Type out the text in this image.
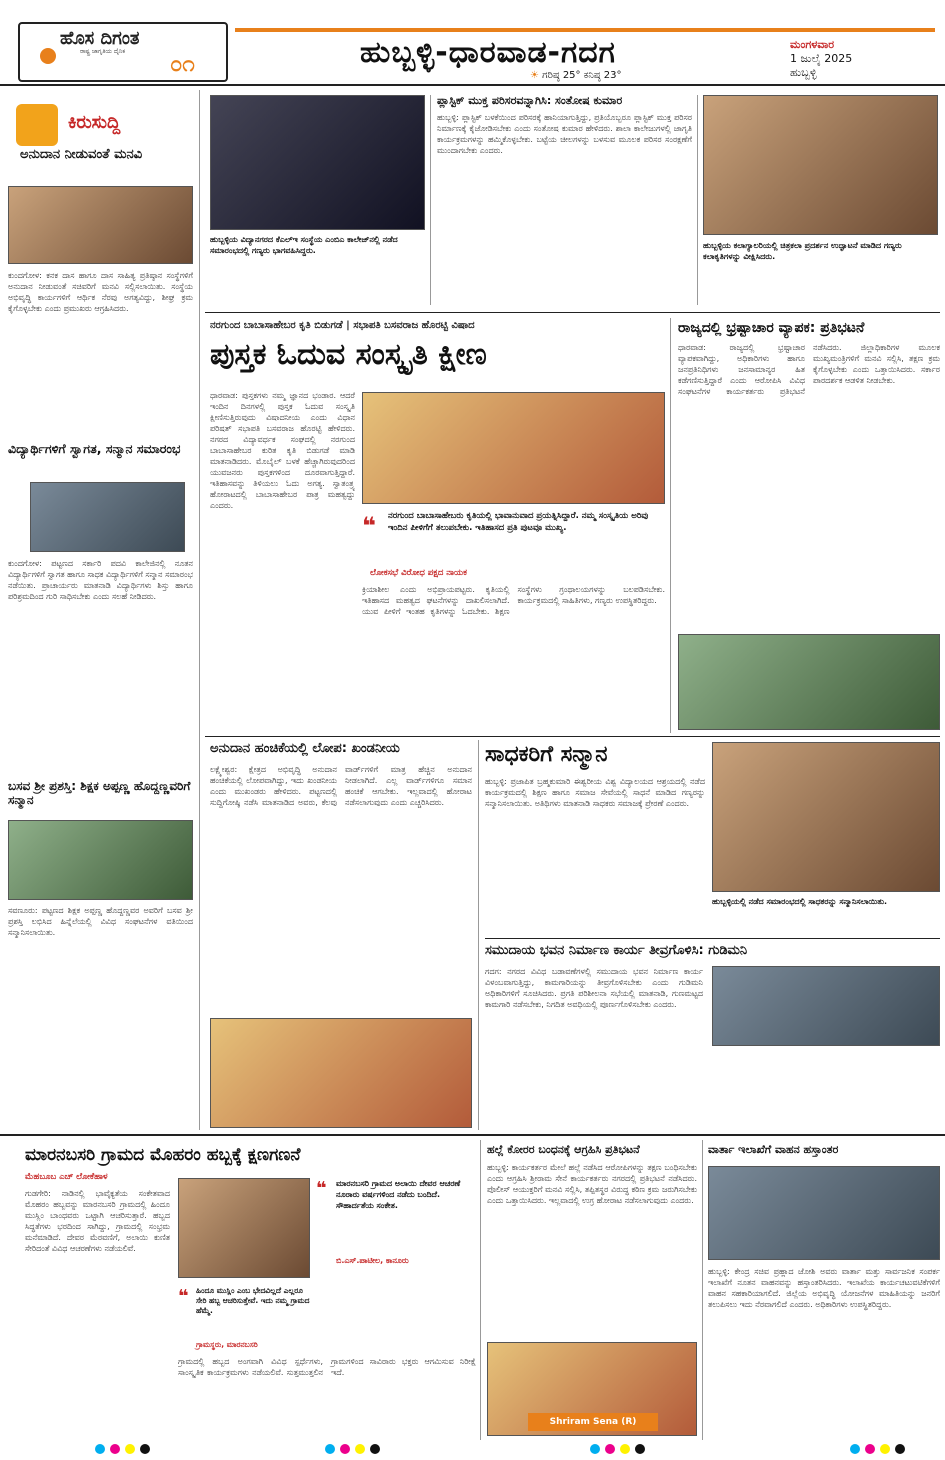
ಹೊಸ ದಿಗಂತ
ರಾಷ್ಟ್ರ ಜಾಗೃತಿಯ ದೈನಿಕ
೦೧	ಹುಬ್ಬಳ್ಳಿ-ಧಾರವಾಡ-ಗದಗ
☀ ಗರಿಷ್ಠ 25° ಕನಿಷ್ಠ 23°
ಮಂಗಳವಾರ
1 ಜುಲೈ 2025
ಹುಬ್ಬಳ್ಳಿ
ಕಿರುಸುದ್ದಿ
ಅನುದಾನ ನೀಡುವಂತೆ ಮನವಿ
ಕುಂದಗೋಳ: ಕನಕ ದಾಸ ಹಾಗೂ ದಾಸ ಸಾಹಿತ್ಯ ಪ್ರತಿಷ್ಠಾನ ಸಂಸ್ಥೆಗಳಿಗೆ ಅನುದಾನ ನೀಡುವಂತೆ ಸಚಿವರಿಗೆ ಮನವಿ ಸಲ್ಲಿಸಲಾಯಿತು. ಸಂಸ್ಥೆಯ ಅಭಿವೃದ್ಧಿ ಕಾರ್ಯಗಳಿಗೆ ಆರ್ಥಿಕ ನೆರವು ಅಗತ್ಯವಿದ್ದು, ಶೀಘ್ರ ಕ್ರಮ ಕೈಗೊಳ್ಳಬೇಕು ಎಂದು ಪ್ರಮುಖರು ಆಗ್ರಹಿಸಿದರು.
ವಿದ್ಯಾರ್ಥಿಗಳಿಗೆ ಸ್ವಾಗತ, ಸನ್ಮಾನ ಸಮಾರಂಭ
ಕುಂದಗೋಳ: ಪಟ್ಟಣದ ಸರ್ಕಾರಿ ಪದವಿ ಕಾಲೇಜಿನಲ್ಲಿ ನೂತನ ವಿದ್ಯಾರ್ಥಿಗಳಿಗೆ ಸ್ವಾಗತ ಹಾಗೂ ಸಾಧಕ ವಿದ್ಯಾರ್ಥಿಗಳಿಗೆ ಸನ್ಮಾನ ಸಮಾರಂಭ ನಡೆಯಿತು. ಪ್ರಾಚಾರ್ಯರು ಮಾತನಾಡಿ ವಿದ್ಯಾರ್ಥಿಗಳು ಶಿಸ್ತು ಹಾಗೂ ಪರಿಶ್ರಮದಿಂದ ಗುರಿ ಸಾಧಿಸಬೇಕು ಎಂದು ಸಲಹೆ ನೀಡಿದರು.
ಬಸವ ಶ್ರೀ ಪ್ರಶಸ್ತಿ: ಶಿಕ್ಷಕ ಅಪ್ಪಣ್ಣ ಹೊದ್ದಣ್ಣವರಿಗೆ ಸನ್ಮಾನ
ಸವಣೂರು: ಪಟ್ಟಣದ ಶಿಕ್ಷಕ ಅಪ್ಪಣ್ಣ ಹೊದ್ದಣ್ಣವರ ಅವರಿಗೆ ಬಸವ ಶ್ರೀ ಪ್ರಶಸ್ತಿ ಲಭಿಸಿದ ಹಿನ್ನೆಲೆಯಲ್ಲಿ ವಿವಿಧ ಸಂಘಟನೆಗಳ ವತಿಯಿಂದ ಸನ್ಮಾನಿಸಲಾಯಿತು.
ಹುಬ್ಬಳ್ಳಿಯ ವಿದ್ಯಾನಗರದ ಕೆಎಲ್ಇ ಸಂಸ್ಥೆಯ ಎಂಬಿಎ ಕಾಲೇಜ್‌ನಲ್ಲಿ ನಡೆದ ಸಮಾರಂಭದಲ್ಲಿ ಗಣ್ಯರು ಭಾಗವಹಿಸಿದ್ದರು.
ಪ್ಲಾಸ್ಟಿಕ್ ಮುಕ್ತ ಪರಿಸರವನ್ನಾಗಿಸಿ: ಸಂತೋಷ ಕುಮಾರ
ಹುಬ್ಬಳ್ಳಿ: ಪ್ಲಾಸ್ಟಿಕ್ ಬಳಕೆಯಿಂದ ಪರಿಸರಕ್ಕೆ ಹಾನಿಯಾಗುತ್ತಿದ್ದು, ಪ್ರತಿಯೊಬ್ಬರೂ ಪ್ಲಾಸ್ಟಿಕ್ ಮುಕ್ತ ಪರಿಸರ ನಿರ್ಮಾಣಕ್ಕೆ ಕೈಜೋಡಿಸಬೇಕು ಎಂದು ಸಂತೋಷ ಕುಮಾರ ಹೇಳಿದರು. ಶಾಲಾ ಕಾಲೇಜುಗಳಲ್ಲಿ ಜಾಗೃತಿ ಕಾರ್ಯಕ್ರಮಗಳನ್ನು ಹಮ್ಮಿಕೊಳ್ಳಬೇಕು. ಬಟ್ಟೆಯ ಚೀಲಗಳನ್ನು ಬಳಸುವ ಮೂಲಕ ಪರಿಸರ ಸಂರಕ್ಷಣೆಗೆ ಮುಂದಾಗಬೇಕು ಎಂದರು.
ಹುಬ್ಬಳ್ಳಿಯ ಕಲಾಗ್ಯಾಲರಿಯಲ್ಲಿ ಚಿತ್ರಕಲಾ ಪ್ರದರ್ಶನ ಉದ್ಘಾಟನೆ ಮಾಡಿದ ಗಣ್ಯರು ಕಲಾಕೃತಿಗಳನ್ನು ವೀಕ್ಷಿಸಿದರು.
ನರಗುಂದ ಬಾಬಾಸಾಹೇಬರ ಕೃತಿ ಬಿಡುಗಡೆ | ಸಭಾಪತಿ ಬಸವರಾಜ ಹೊರಟ್ಟಿ ವಿಷಾದ
ಪುಸ್ತಕ ಓದುವ ಸಂಸ್ಕೃತಿ ಕ್ಷೀಣ
ಧಾರವಾಡ: ಪುಸ್ತಕಗಳು ನಮ್ಮ ಜ್ಞಾನದ ಭಂಡಾರ. ಆದರೆ ಇಂದಿನ ದಿನಗಳಲ್ಲಿ ಪುಸ್ತಕ ಓದುವ ಸಂಸ್ಕೃತಿ ಕ್ಷೀಣಿಸುತ್ತಿರುವುದು ವಿಷಾದನೀಯ ಎಂದು ವಿಧಾನ ಪರಿಷತ್ ಸಭಾಪತಿ ಬಸವರಾಜ ಹೊರಟ್ಟಿ ಹೇಳಿದರು. ನಗರದ ವಿದ್ಯಾವರ್ಧಕ ಸಂಘದಲ್ಲಿ ನರಗುಂದ ಬಾಬಾಸಾಹೇಬರ ಕುರಿತ ಕೃತಿ ಬಿಡುಗಡೆ ಮಾಡಿ ಮಾತನಾಡಿದರು. ಮೊಬೈಲ್ ಬಳಕೆ ಹೆಚ್ಚಾಗಿರುವುದರಿಂದ ಯುವಜನರು ಪುಸ್ತಕಗಳಿಂದ ದೂರವಾಗುತ್ತಿದ್ದಾರೆ. ಇತಿಹಾಸವನ್ನು ತಿಳಿಯಲು ಓದು ಅಗತ್ಯ. ಸ್ವಾತಂತ್ರ್ಯ ಹೋರಾಟದಲ್ಲಿ ಬಾಬಾಸಾಹೇಬರ ಪಾತ್ರ ಮಹತ್ವದ್ದು ಎಂದರು.
❝ ನರಗುಂದ ಬಾಬಾಸಾಹೇಬರು ಕೃತಿಯಲ್ಲಿ ಭಾವಾನುವಾದ ಪ್ರಯತ್ನಿಸಿದ್ದಾರೆ. ನಮ್ಮ ಸಂಸ್ಕೃತಿಯ ಅರಿವು ಇಂದಿನ ಪೀಳಿಗೆಗೆ ತಲುಪಬೇಕು. ಇತಿಹಾಸದ ಪ್ರತಿ ಪುಟವೂ ಮುಖ್ಯ.
ಲೋಕಸಭೆ ವಿರೋಧ ಪಕ್ಷದ ನಾಯಕ
ಕ್ರಿಯಾಶೀಲ ಎಂದು ಅಭಿಪ್ರಾಯಪಟ್ಟರು. ಕೃತಿಯಲ್ಲಿ ಇತಿಹಾಸದ ಮಹತ್ವದ ಘಟನೆಗಳನ್ನು ದಾಖಲಿಸಲಾಗಿದೆ. ಯುವ ಪೀಳಿಗೆ ಇಂತಹ ಕೃತಿಗಳನ್ನು ಓದಬೇಕು. ಶಿಕ್ಷಣ ಸಂಸ್ಥೆಗಳು ಗ್ರಂಥಾಲಯಗಳನ್ನು ಬಲಪಡಿಸಬೇಕು. ಕಾರ್ಯಕ್ರಮದಲ್ಲಿ ಸಾಹಿತಿಗಳು, ಗಣ್ಯರು ಉಪಸ್ಥಿತರಿದ್ದರು.
ರಾಜ್ಯದಲ್ಲಿ ಭ್ರಷ್ಟಾಚಾರ ವ್ಯಾಪಕ: ಪ್ರತಿಭಟನೆ
ಧಾರವಾಡ: ರಾಜ್ಯದಲ್ಲಿ ಭ್ರಷ್ಟಾಚಾರ ವ್ಯಾಪಕವಾಗಿದ್ದು, ಅಧಿಕಾರಿಗಳು ಹಾಗೂ ಜನಪ್ರತಿನಿಧಿಗಳು ಜನಸಾಮಾನ್ಯರ ಹಿತ ಕಡೆಗಣಿಸುತ್ತಿದ್ದಾರೆ ಎಂದು ಆರೋಪಿಸಿ ವಿವಿಧ ಸಂಘಟನೆಗಳ ಕಾರ್ಯಕರ್ತರು ಪ್ರತಿಭಟನೆ ನಡೆಸಿದರು. ಜಿಲ್ಲಾಧಿಕಾರಿಗಳ ಮೂಲಕ ಮುಖ್ಯಮಂತ್ರಿಗಳಿಗೆ ಮನವಿ ಸಲ್ಲಿಸಿ, ತಕ್ಷಣ ಕ್ರಮ ಕೈಗೊಳ್ಳಬೇಕು ಎಂದು ಒತ್ತಾಯಿಸಿದರು. ಸರ್ಕಾರ ಪಾರದರ್ಶಕ ಆಡಳಿತ ನೀಡಬೇಕು.
ಅನುದಾನ ಹಂಚಿಕೆಯಲ್ಲಿ ಲೋಪ: ಖಂಡನೀಯ
ಲಕ್ಷ್ಮೇಶ್ವರ: ಕ್ಷೇತ್ರದ ಅಭಿವೃದ್ಧಿ ಅನುದಾನ ಹಂಚಿಕೆಯಲ್ಲಿ ಲೋಪವಾಗಿದ್ದು, ಇದು ಖಂಡನೀಯ ಎಂದು ಮುಖಂಡರು ಹೇಳಿದರು. ಪಟ್ಟಣದಲ್ಲಿ ಸುದ್ದಿಗೋಷ್ಠಿ ನಡೆಸಿ ಮಾತನಾಡಿದ ಅವರು, ಕೆಲವು ವಾರ್ಡ್‌ಗಳಿಗೆ ಮಾತ್ರ ಹೆಚ್ಚಿನ ಅನುದಾನ ನೀಡಲಾಗಿದೆ. ಎಲ್ಲ ವಾರ್ಡ್‌ಗಳಿಗೂ ಸಮಾನ ಹಂಚಿಕೆ ಆಗಬೇಕು. ಇಲ್ಲವಾದಲ್ಲಿ ಹೋರಾಟ ನಡೆಸಲಾಗುವುದು ಎಂದು ಎಚ್ಚರಿಸಿದರು.
ಸಾಧಕರಿಗೆ ಸನ್ಮಾನ
ಹುಬ್ಬಳ್ಳಿ: ಪ್ರಜಾಪಿತ ಬ್ರಹ್ಮಕುಮಾರಿ ಈಶ್ವರೀಯ ವಿಶ್ವ ವಿದ್ಯಾಲಯದ ಆಶ್ರಯದಲ್ಲಿ ನಡೆದ ಕಾರ್ಯಕ್ರಮದಲ್ಲಿ ಶಿಕ್ಷಣ ಹಾಗೂ ಸಮಾಜ ಸೇವೆಯಲ್ಲಿ ಸಾಧನೆ ಮಾಡಿದ ಗಣ್ಯರನ್ನು ಸನ್ಮಾನಿಸಲಾಯಿತು. ಅತಿಥಿಗಳು ಮಾತನಾಡಿ ಸಾಧಕರು ಸಮಾಜಕ್ಕೆ ಪ್ರೇರಣೆ ಎಂದರು.
ಹುಬ್ಬಳ್ಳಿಯಲ್ಲಿ ನಡೆದ ಸಮಾರಂಭದಲ್ಲಿ ಸಾಧಕರನ್ನು ಸನ್ಮಾನಿಸಲಾಯಿತು.
ಸಮುದಾಯ ಭವನ ನಿರ್ಮಾಣ ಕಾರ್ಯ ತೀವ್ರಗೊಳಿಸಿ: ಗುಡಿಮನಿ
ಗದಗ: ನಗರದ ವಿವಿಧ ಬಡಾವಣೆಗಳಲ್ಲಿ ಸಮುದಾಯ ಭವನ ನಿರ್ಮಾಣ ಕಾರ್ಯ ವಿಳಂಬವಾಗುತ್ತಿದ್ದು, ಕಾಮಗಾರಿಯನ್ನು ತೀವ್ರಗೊಳಿಸಬೇಕು ಎಂದು ಗುಡಿಮನಿ ಅಧಿಕಾರಿಗಳಿಗೆ ಸೂಚಿಸಿದರು. ಪ್ರಗತಿ ಪರಿಶೀಲನಾ ಸಭೆಯಲ್ಲಿ ಮಾತನಾಡಿ, ಗುಣಮಟ್ಟದ ಕಾಮಗಾರಿ ನಡೆಸಬೇಕು, ನಿಗದಿತ ಅವಧಿಯಲ್ಲಿ ಪೂರ್ಣಗೊಳಿಸಬೇಕು ಎಂದರು.
ಮಾರನಬಸರಿ ಗ್ರಾಮದ ಮೊಹರಂ ಹಬ್ಬಕ್ಕೆ ಕ್ಷಣಗಣನೆ
ಮೆಹಬೂಬ ಎಚ್ ಲೋಕೆಹಾಳ
ಗುಡಗೇರಿ: ನಾಡಿನಲ್ಲಿ ಭಾವೈಕ್ಯತೆಯ ಸಂಕೇತವಾದ ಮೊಹರಂ ಹಬ್ಬವನ್ನು ಮಾರನಬಸರಿ ಗ್ರಾಮದಲ್ಲಿ ಹಿಂದೂ ಮುಸ್ಲಿಂ ಬಾಂಧವರು ಒಟ್ಟಾಗಿ ಆಚರಿಸುತ್ತಾರೆ. ಹಬ್ಬದ ಸಿದ್ಧತೆಗಳು ಭರದಿಂದ ಸಾಗಿದ್ದು, ಗ್ರಾಮದಲ್ಲಿ ಸಂಭ್ರಮ ಮನೆಮಾಡಿದೆ. ದೇವರ ಮೆರವಣಿಗೆ, ಅಲಾಯಿ ಕುಣಿತ ಸೇರಿದಂತೆ ವಿವಿಧ ಆಚರಣೆಗಳು ನಡೆಯಲಿವೆ.
❝ ಮಾರನಬಸರಿ ಗ್ರಾಮದ ಅಲಾಯಿ ದೇವರ ಆಚರಣೆ ನೂರಾರು ವರ್ಷಗಳಿಂದ ನಡೆದು ಬಂದಿದೆ. ಸೌಹಾರ್ದತೆಯ ಸಂಕೇತ.
ಬಿ.ಎಸ್.ಪಾಟೀಲ, ಕಾನೂರು
❝ ಹಿಂದೂ ಮುಸ್ಲಿಂ ಎಂಬ ಭೇದವಿಲ್ಲದೆ ಎಲ್ಲರೂ ಸೇರಿ ಹಬ್ಬ ಆಚರಿಸುತ್ತೇವೆ. ಇದು ನಮ್ಮ ಗ್ರಾಮದ ಹೆಮ್ಮೆ.
ಗ್ರಾಮಸ್ಥರು, ಮಾರನಬಸರಿ
ಗ್ರಾಮದಲ್ಲಿ ಹಬ್ಬದ ಅಂಗವಾಗಿ ವಿವಿಧ ಸ್ಪರ್ಧೆಗಳು, ಸಾಂಸ್ಕೃತಿಕ ಕಾರ್ಯಕ್ರಮಗಳು ನಡೆಯಲಿವೆ. ಸುತ್ತಮುತ್ತಲಿನ ಗ್ರಾಮಗಳಿಂದ ಸಾವಿರಾರು ಭಕ್ತರು ಆಗಮಿಸುವ ನಿರೀಕ್ಷೆ ಇದೆ.
ಹಲ್ಲೆ ಕೋರರ ಬಂಧನಕ್ಕೆ ಆಗ್ರಹಿಸಿ ಪ್ರತಿಭಟನೆ
ಹುಬ್ಬಳ್ಳಿ: ಕಾರ್ಯಕರ್ತರ ಮೇಲೆ ಹಲ್ಲೆ ನಡೆಸಿದ ಆರೋಪಿಗಳನ್ನು ತಕ್ಷಣ ಬಂಧಿಸಬೇಕು ಎಂದು ಆಗ್ರಹಿಸಿ ಶ್ರೀರಾಮ ಸೇನೆ ಕಾರ್ಯಕರ್ತರು ನಗರದಲ್ಲಿ ಪ್ರತಿಭಟನೆ ನಡೆಸಿದರು. ಪೊಲೀಸ್ ಆಯುಕ್ತರಿಗೆ ಮನವಿ ಸಲ್ಲಿಸಿ, ತಪ್ಪಿತಸ್ಥರ ವಿರುದ್ಧ ಕಠಿಣ ಕ್ರಮ ಜರುಗಿಸಬೇಕು ಎಂದು ಒತ್ತಾಯಿಸಿದರು. ಇಲ್ಲವಾದಲ್ಲಿ ಉಗ್ರ ಹೋರಾಟ ನಡೆಸಲಾಗುವುದು ಎಂದರು.
Shriram Sena (R)
ವಾರ್ತಾ ಇಲಾಖೆಗೆ ವಾಹನ ಹಸ್ತಾಂತರ
ಹುಬ್ಬಳ್ಳಿ: ಕೇಂದ್ರ ಸಚಿವ ಪ್ರಹ್ಲಾದ ಜೋಶಿ ಅವರು ವಾರ್ತಾ ಮತ್ತು ಸಾರ್ವಜನಿಕ ಸಂಪರ್ಕ ಇಲಾಖೆಗೆ ನೂತನ ವಾಹನವನ್ನು ಹಸ್ತಾಂತರಿಸಿದರು. ಇಲಾಖೆಯ ಕಾರ್ಯಚಟುವಟಿಕೆಗಳಿಗೆ ವಾಹನ ಸಹಕಾರಿಯಾಗಲಿದೆ. ಜಿಲ್ಲೆಯ ಅಭಿವೃದ್ಧಿ ಯೋಜನೆಗಳ ಮಾಹಿತಿಯನ್ನು ಜನರಿಗೆ ತಲುಪಿಸಲು ಇದು ನೆರವಾಗಲಿದೆ ಎಂದರು. ಅಧಿಕಾರಿಗಳು ಉಪಸ್ಥಿತರಿದ್ದರು.
